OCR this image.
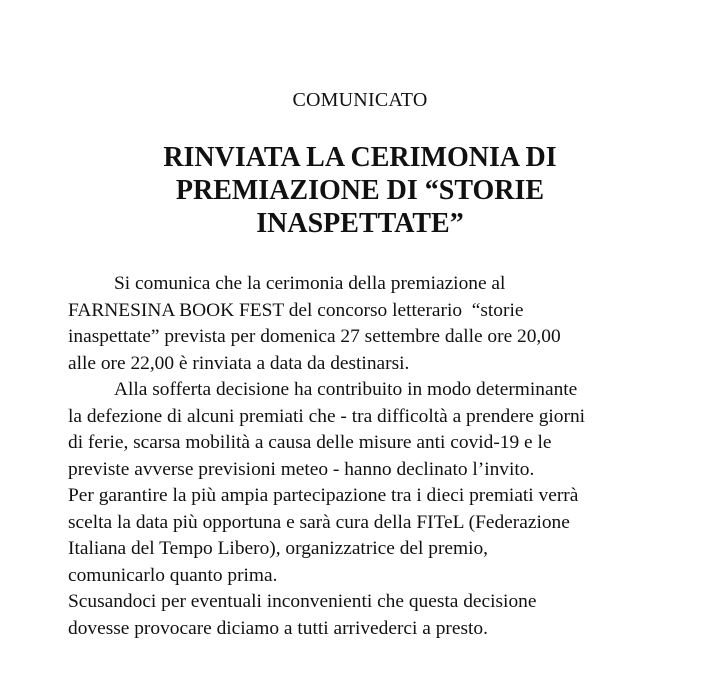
COMUNICATO
RINVIATA LA CERIMONIA DI
PREMIAZIONE DI “STORIE
INASPETTATE”
Si comunica che la cerimonia della premiazione al
FARNESINA BOOK FEST del concorso letterario  “storie
inaspettate” prevista per domenica 27 settembre dalle ore 20,00
alle ore 22,00 è rinviata a data da destinarsi.
Alla sofferta decisione ha contribuito in modo determinante
la defezione di alcuni premiati che - tra difficoltà a prendere giorni
di ferie, scarsa mobilità a causa delle misure anti covid-19 e le
previste avverse previsioni meteo - hanno declinato l’invito.
Per garantire la più ampia partecipazione tra i dieci premiati verrà
scelta la data più opportuna e sarà cura della FITeL (Federazione
Italiana del Tempo Libero), organizzatrice del premio,
comunicarlo quanto prima.
Scusandoci per eventuali inconvenienti che questa decisione
dovesse provocare diciamo a tutti arrivederci a presto.
